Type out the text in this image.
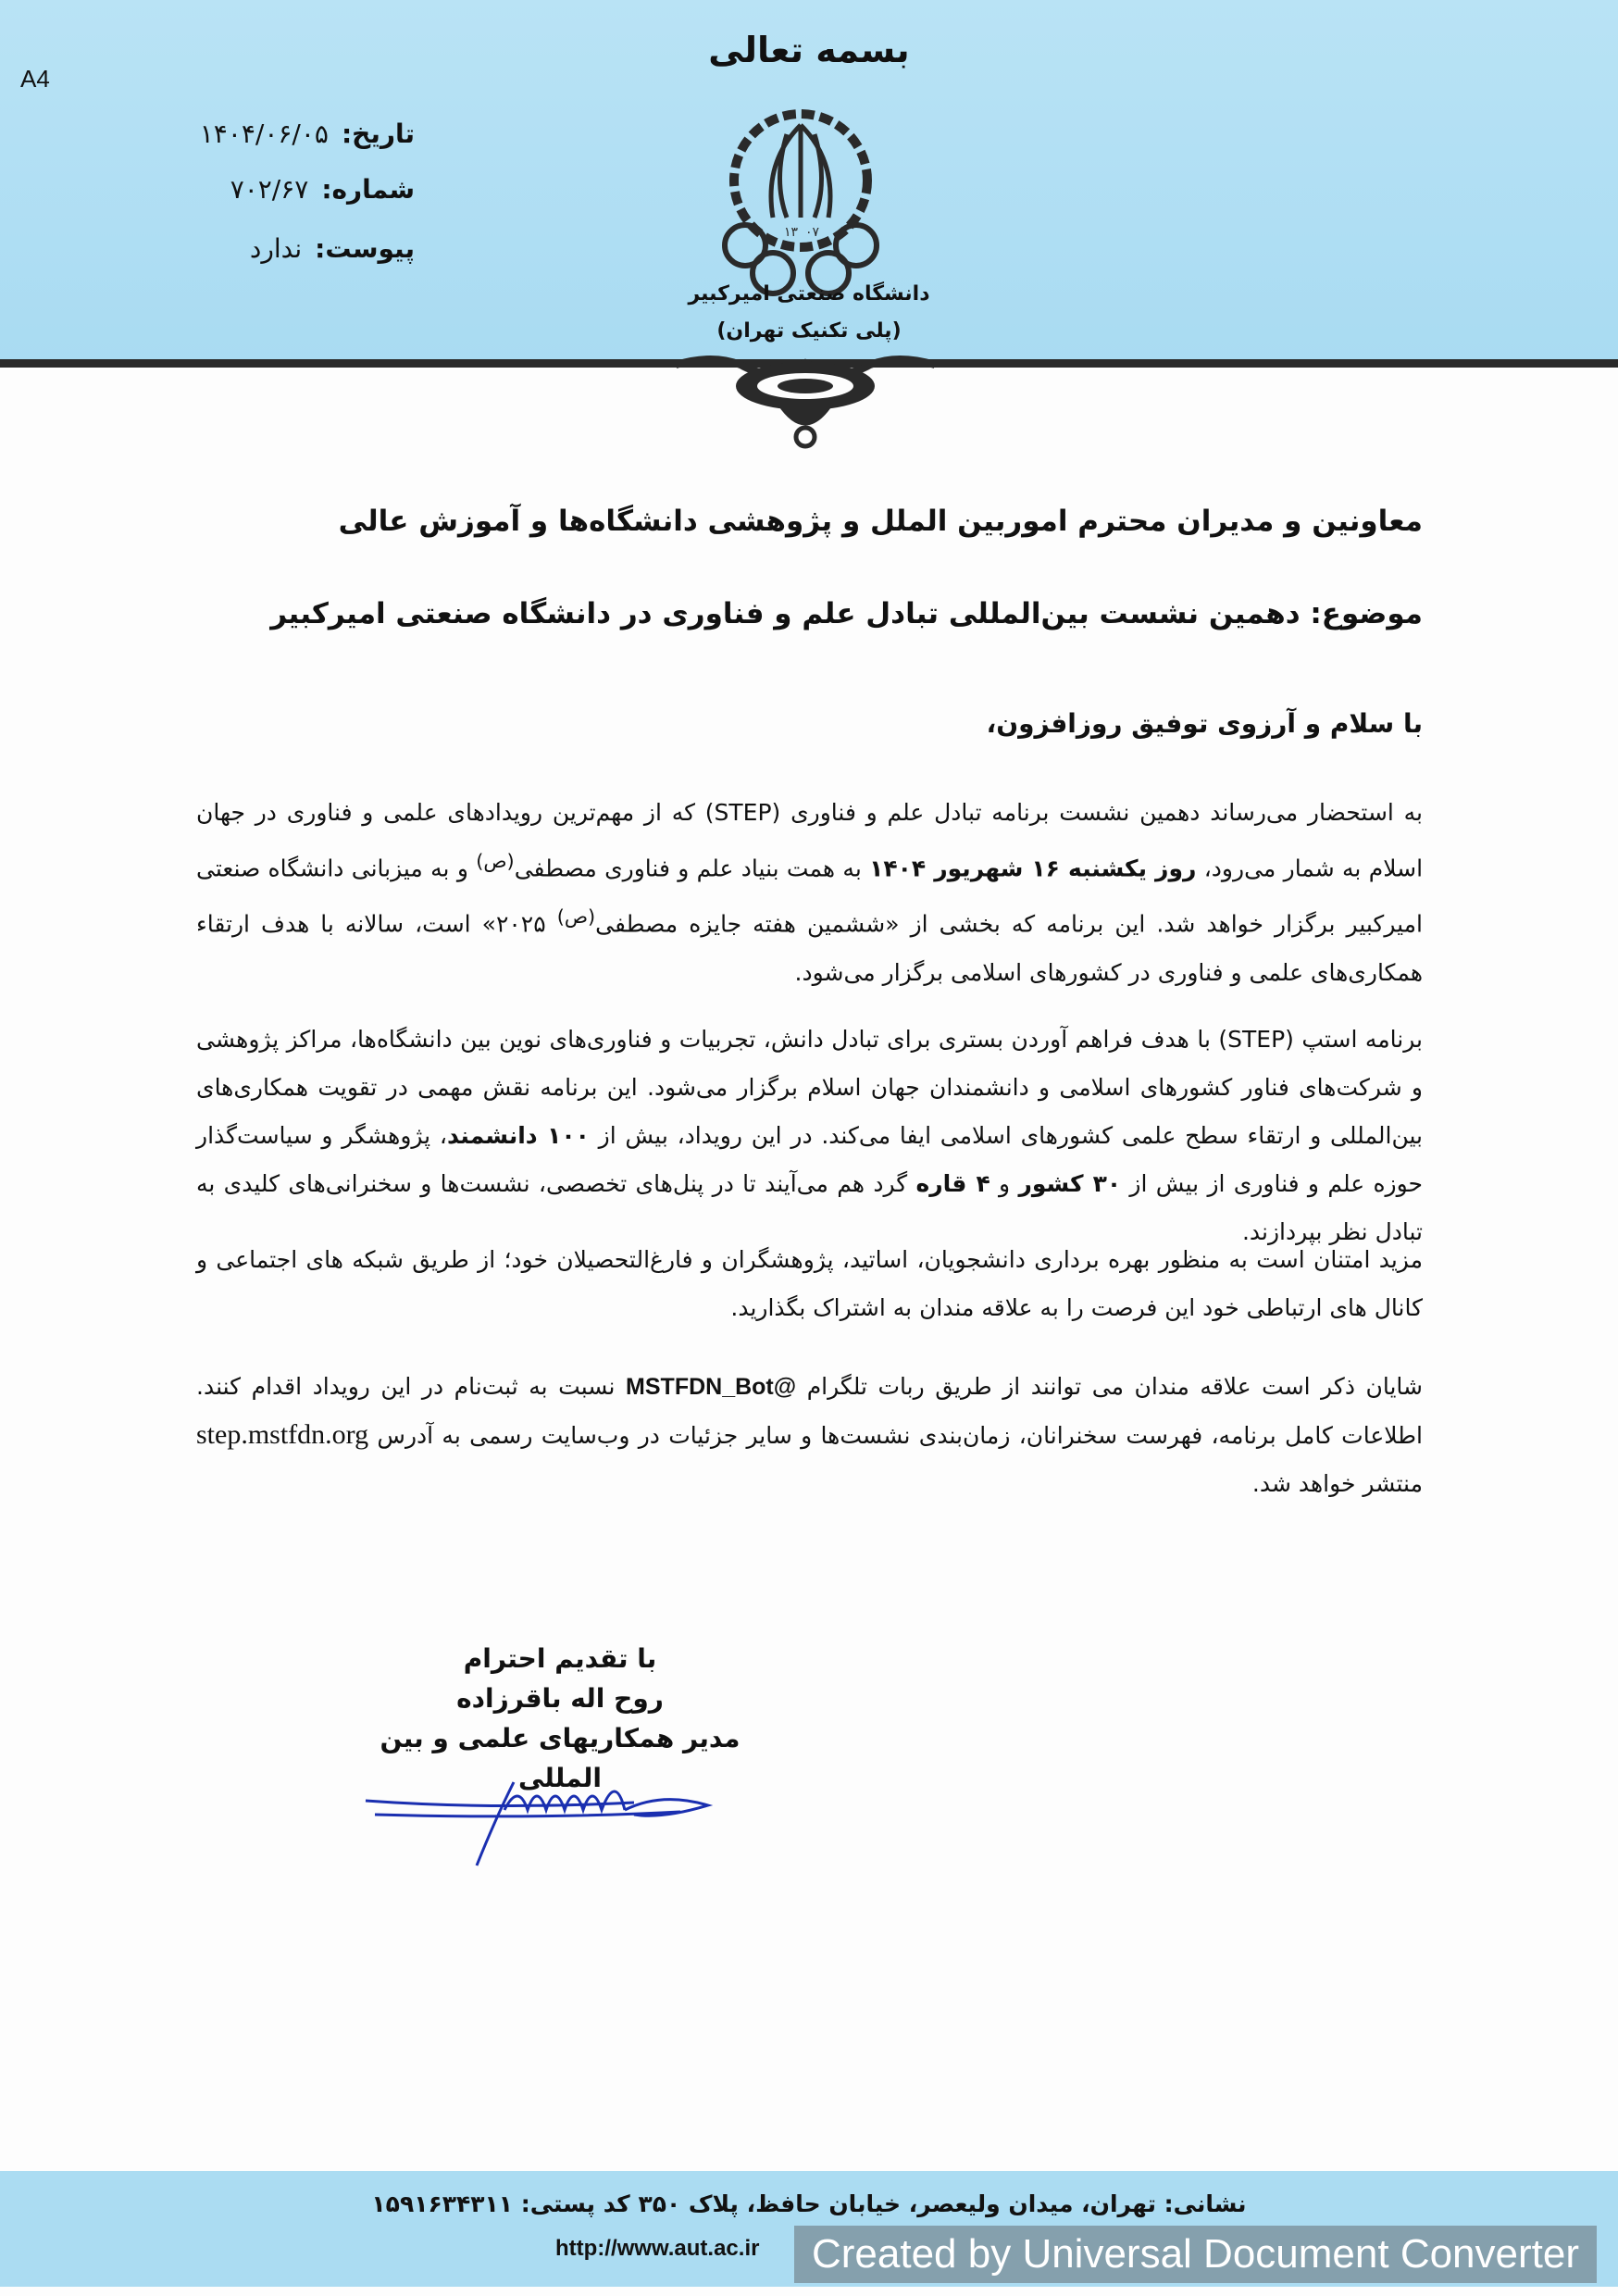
A4
بسمه تعالی
تاریخ:۱۴۰۴/۰۶/۰۵
شماره:۷۰۲/۶۷
پیوست:ندارد
۱۳ ۰۷
دانشگاه صنعتی امیرکبیر
(پلی تکنیک تهران)
معاونین و مدیران محترم اموربین الملل و پژوهشی دانشگاه‌ها و آموزش عالی
موضوع: دهمین نشست بین‌المللی تبادل علم و فناوری در دانشگاه صنعتی امیرکبیر
با سلام و آرزوی توفیق روزافزون،
به استحضار می‌رساند دهمین نشست برنامه تبادل علم و فناوری (STEP) که از مهم‌ترین رویدادهای علمی و فناوری در جهان اسلام به شمار می‌رود، روز یکشنبه ۱۶ شهریور ۱۴۰۴ به همت بنیاد علم و فناوری مصطفی$^{(ص)}$ و به میزبانی دانشگاه صنعتی امیرکبیر برگزار خواهد شد. این برنامه که بخشی از «ششمین هفته جایزه مصطفی$^{(ص)}$ ۲۰۲۵» است، سالانه با هدف ارتقاء همکاری‌های علمی و فناوری در کشورهای اسلامی برگزار می‌شود.
برنامه استپ (STEP) با هدف فراهم آوردن بستری برای تبادل دانش، تجربیات و فناوری‌های نوین بین دانشگاه‌ها، مراکز پژوهشی و شرکت‌های فناور کشورهای اسلامی و دانشمندان جهان اسلام برگزار می‌شود. این برنامه نقش مهمی در تقویت همکاری‌های بین‌المللی و ارتقاء سطح علمی کشورهای اسلامی ایفا می‌کند. در این رویداد، بیش از ۱۰۰ دانشمند، پژوهشگر و سیاست‌گذار حوزه علم و فناوری از بیش از ۳۰ کشور و ۴ قاره گرد هم می‌آیند تا در پنل‌های تخصصی، نشست‌ها و سخنرانی‌های کلیدی به تبادل نظر بپردازند.
مزید امتنان است به منظور بهره برداری دانشجویان، اساتید، پژوهشگران و فارغ‌التحصیلان خود؛ از طریق شبکه های اجتماعی و کانال های ارتباطی خود این فرصت را به علاقه مندان به اشتراک بگذارید.
شایان ذکر است علاقه مندان می توانند از طریق ربات تلگرام @MSTFDN_Bot نسبت به ثبت‌نام در این رویداد اقدام کنند. اطلاعات کامل برنامه، فهرست سخنرانان، زمان‌بندی نشست‌ها و سایر جزئیات در وب‌سایت رسمی به آدرس step.mstfdn.org منتشر خواهد شد.
با تقدیم احترام
روح اله باقرزاده
مدیر همکاریهای علمی و بین المللی
نشانی: تهران، میدان ولیعصر، خیابان حافظ، پلاک ۳۵۰ کد پستی: ۱۵۹۱۶۳۴۳۱۱
http://www.aut.ac.ir	Created by Universal Document Converter
